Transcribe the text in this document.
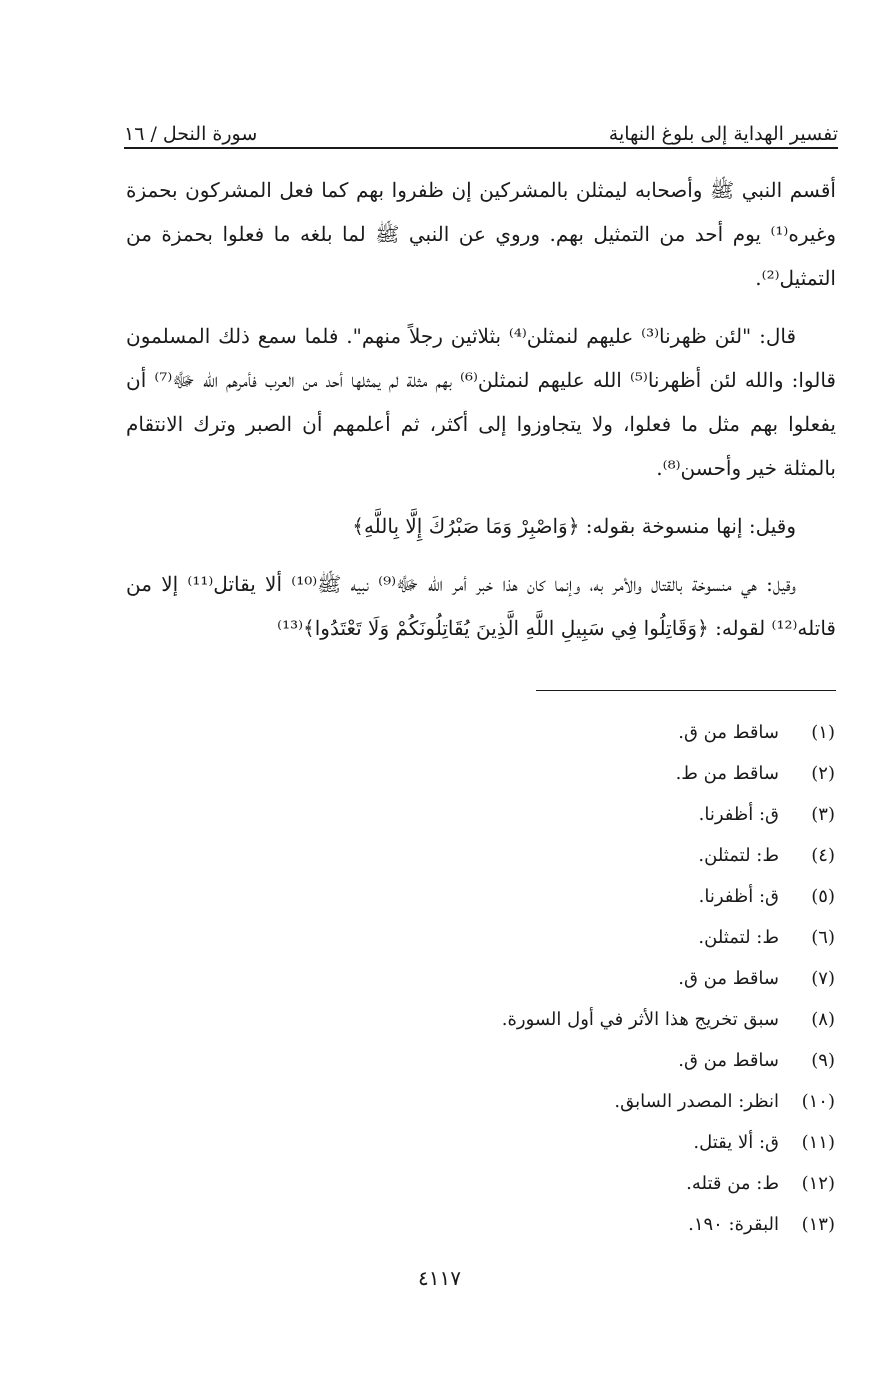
تفسير الهداية إلى بلوغ النهاية
سورة النحل / ١٦

أقسم النبي ﷺ وأصحابه ليمثلن بالمشركين إن ظفروا بهم كما فعل المشركون بحمزة وغيره⁽¹⁾ يوم أحد من التمثيل بهم. وروي عن النبي ﷺ لما بلغه ما فعلوا بحمزة من التمثيل⁽²⁾.

قال: "لئن ظهرنا⁽³⁾ عليهم لنمثلن⁽⁴⁾ بثلاثين رجلاً منهم". فلما سمع ذلك المسلمون قالوا: والله لئن أظهرنا⁽⁵⁾ الله عليهم لنمثلن⁽⁶⁾ بهم مثلة لم يمثلها أحد من العرب فأمرهم الله ﷻ⁽⁷⁾ أن يفعلوا بهم مثل ما فعلوا، ولا يتجاوزوا إلى أكثر، ثم أعلمهم أن الصبر وترك الانتقام بالمثلة خير وأحسن⁽⁸⁾.

وقيل: إنها منسوخة بقوله: ﴿وَاصْبِرْ وَمَا صَبْرُكَ إِلَّا بِاللَّهِ﴾

وقيل: هي منسوخة بالقتال والأمر به، وإنما كان هذا خبر أمر الله ﷻ⁽⁹⁾ نبيه ﷺ⁽¹⁰⁾ ألا يقاتل⁽¹¹⁾ إلا من قاتله⁽¹²⁾ لقوله: ﴿وَقَاتِلُوا فِي سَبِيلِ اللَّهِ الَّذِينَ يُقَاتِلُونَكُمْ وَلَا تَعْتَدُوا﴾⁽¹³⁾

(١)
ساقط من ق.
(٢)
ساقط من ط.
(٣)
ق: أظفرنا.
(٤)
ط: لتمثلن.
(٥)
ق: أظفرنا.
(٦)
ط: لتمثلن.
(٧)
ساقط من ق.
(٨)
سبق تخريج هذا الأثر في أول السورة.
(٩)
ساقط من ق.
(١٠)
انظر: المصدر السابق.
(١١)
ق: ألا يقتل.
(١٢)
ط: من قتله.
(١٣)
البقرة: ١٩٠.
٤١١٧
